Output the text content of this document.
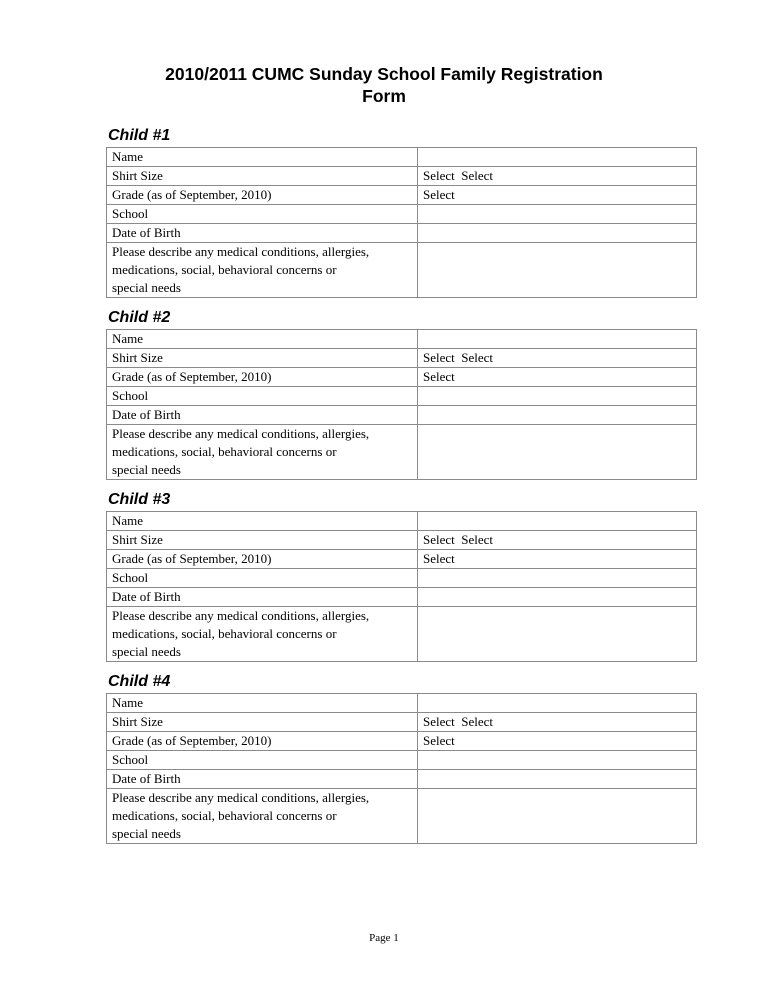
2010/2011 CUMC Sunday School Family Registration
Form
Child #1
Name	
Shirt Size	Select  Select
Grade (as of September, 2010)	Select
School	
Date of Birth	

Please describe any medical conditions, allergies,
medications, social, behavioral concerns or
special needs	

Child #2
Name	
Shirt Size	Select  Select
Grade (as of September, 2010)	Select
School	
Date of Birth	

Please describe any medical conditions, allergies,
medications, social, behavioral concerns or
special needs	

Child #3
Name	
Shirt Size	Select  Select
Grade (as of September, 2010)	Select
School	
Date of Birth	

Please describe any medical conditions, allergies,
medications, social, behavioral concerns or
special needs	

Child #4
Name	
Shirt Size	Select  Select
Grade (as of September, 2010)	Select
School	
Date of Birth	

Please describe any medical conditions, allergies,
medications, social, behavioral concerns or
special needs	

Page 1
